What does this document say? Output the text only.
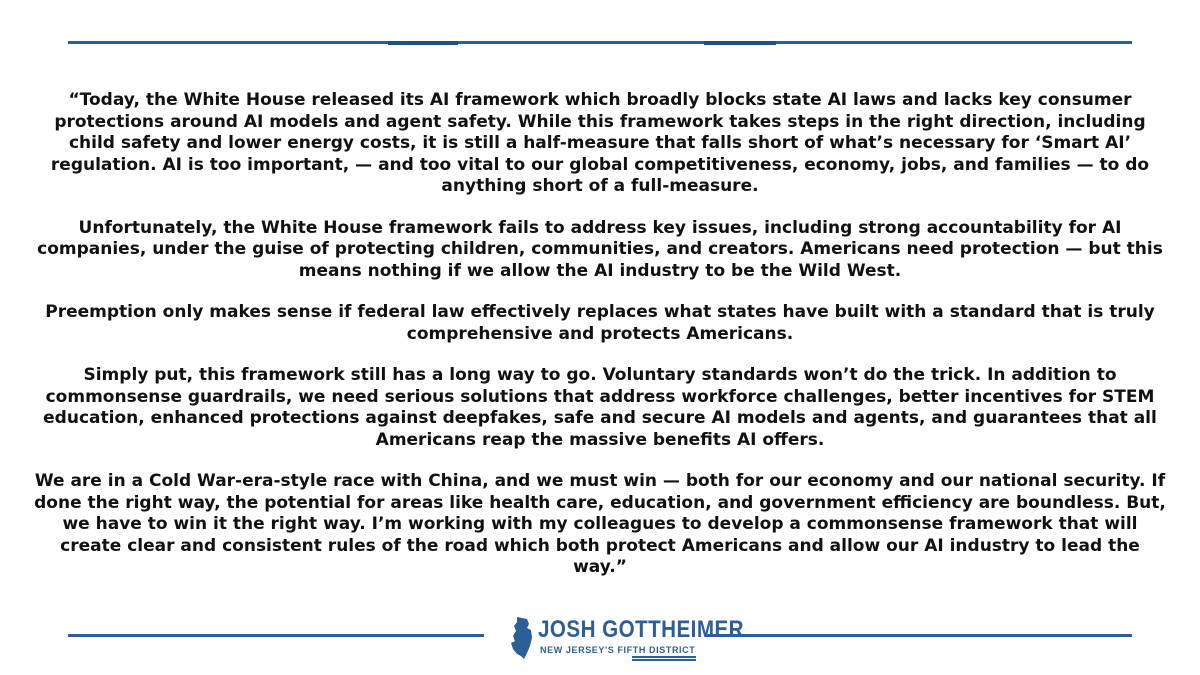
“Today, the White House released its AI framework which broadly blocks state AI laws and lacks key consumer protections around AI models and agent safety. While this framework takes steps in the right direction, including child safety and lower energy costs, it is still a half-measure that falls short of what’s necessary for ‘Smart AI’ regulation. AI is too important, — and too vital to our global competitiveness, economy, jobs, and families — to do anything short of a full-measure.

Unfortunately, the White House framework fails to address key issues, including strong accountability for AI companies, under the guise of protecting children, communities, and creators. Americans need protection — but this means nothing if we allow the AI industry to be the Wild West.

Preemption only makes sense if federal law effectively replaces what states have built with a standard that is truly comprehensive and protects Americans.

Simply put, this framework still has a long way to go. Voluntary standards won’t do the trick. In addition to commonsense guardrails, we need serious solutions that address workforce challenges, better incentives for STEM education, enhanced protections against deepfakes, safe and secure AI models and agents, and guarantees that all Americans reap the massive benefits AI offers.

We are in a Cold War-era-style race with China, and we must win — both for our economy and our national security. If done the right way, the potential for areas like health care, education, and government efficiency are boundless. But, we have to win it the right way. I’m working with my colleagues to develop a commonsense framework that will create clear and consistent rules of the road which both protect Americans and allow our AI industry to lead the way.”

JOSH GOTTHEIMER
NEW JERSEY'S FIFTH DISTRICT
